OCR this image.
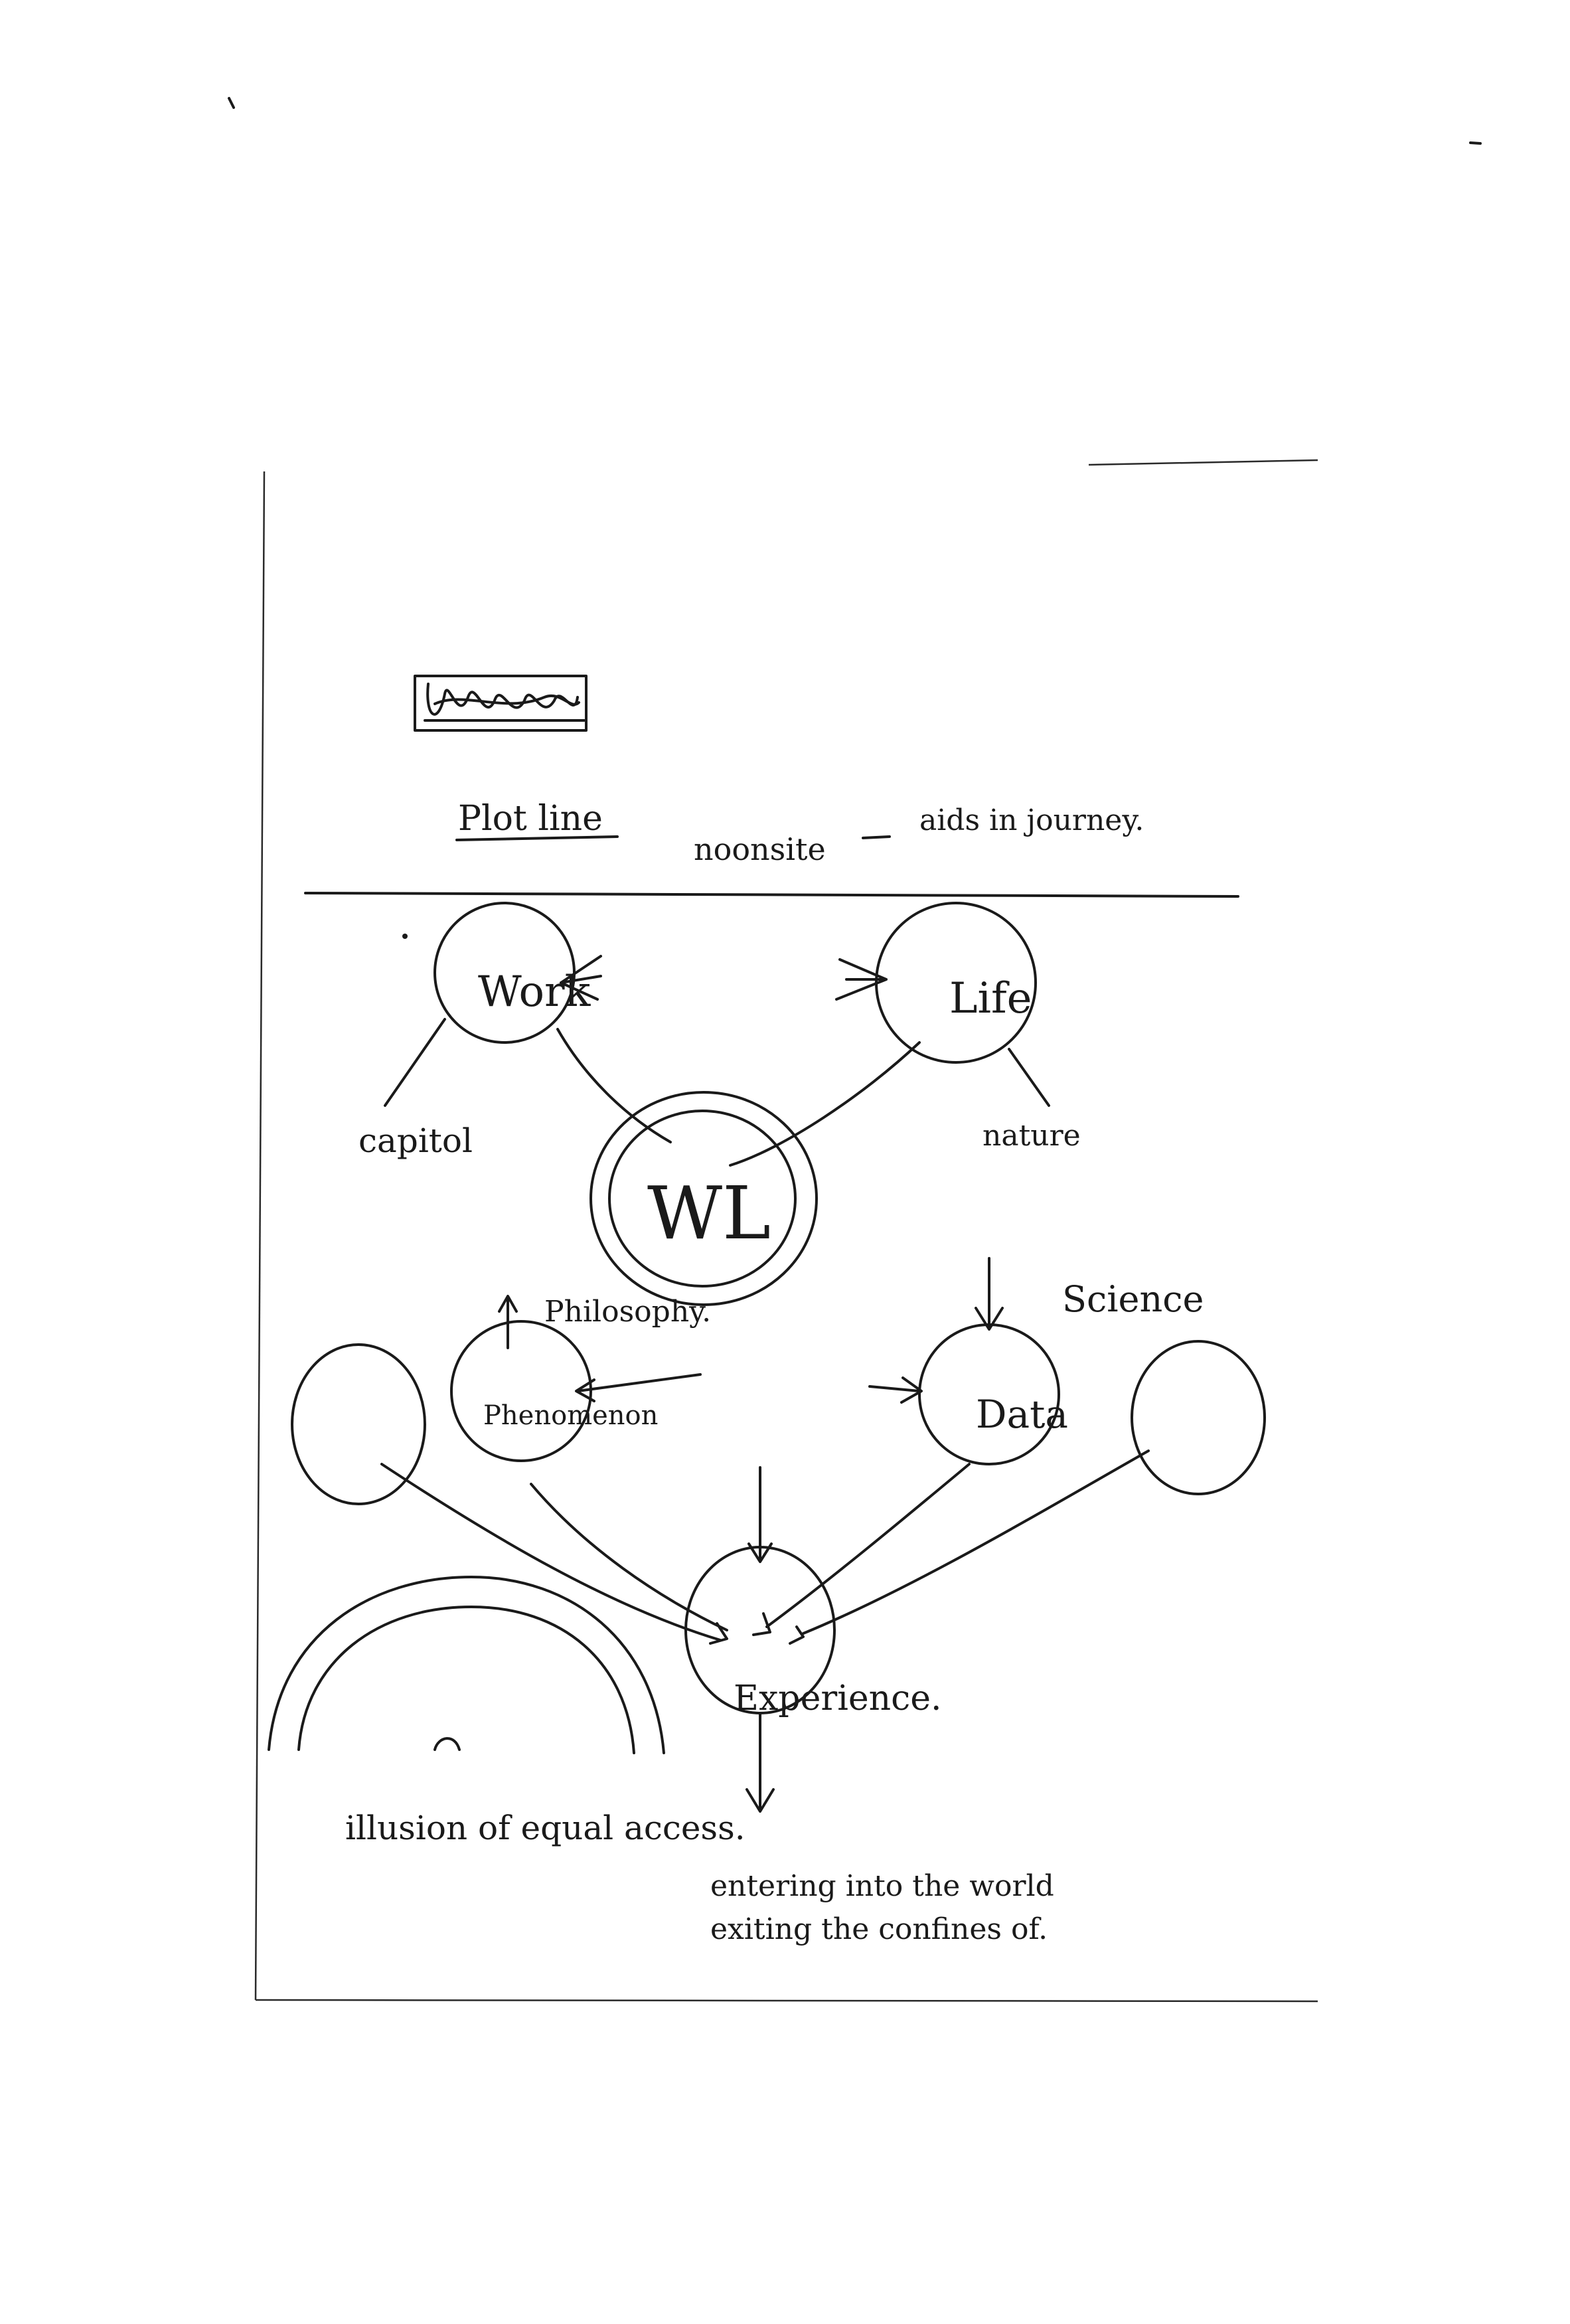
Plot line
noonsite
aids in journey.
Work	Life
capitol	nature
WL
Phenomenon
Philosophy.
Data
Science
Experience.
illusion of equal access.
entering into the world
exiting the confines of.
